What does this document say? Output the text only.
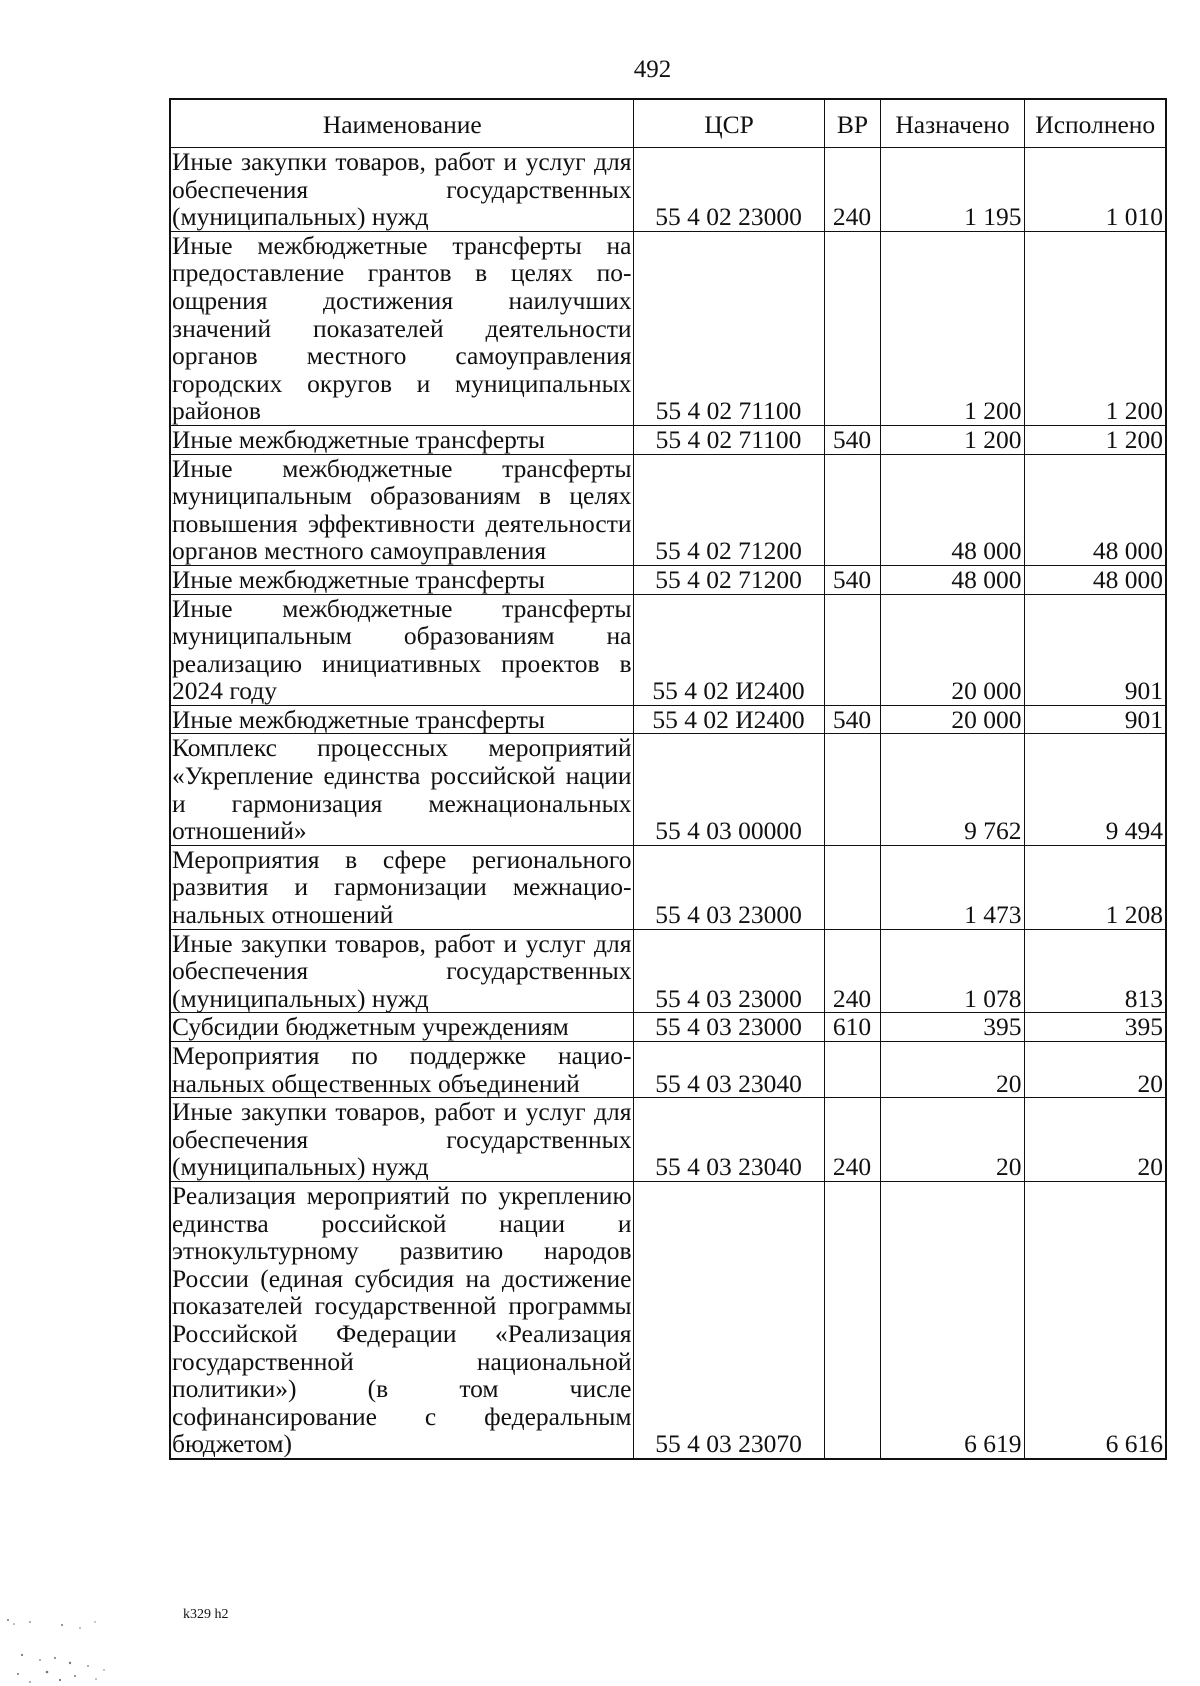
492
Наименование	ЦСР	ВР	Назначено	Исполнено
Иные закупки товаров, работ и услуг для обеспечения государственных (муниципальных) нужд	55 4 02 23000	240	1 195	1 010
Иные межбюджетные трансферты на предоставление грантов в целях поощрения достижения наилучших значений показателей деятельности органов местного самоуправления городских округов и муниципальных районов	55 4 02 71100		1 200	1 200
Иные межбюджетные трансферты	55 4 02 71100	540	1 200	1 200
Иные межбюджетные трансферты муниципальным образованиям в целях повышения эффективности деятельности органов местного самоуправления	55 4 02 71200		48 000	48 000
Иные межбюджетные трансферты	55 4 02 71200	540	48 000	48 000
Иные межбюджетные трансферты муниципальным образованиям на реализацию инициативных проектов в 2024 году	55 4 02 И2400		20 000	901
Иные межбюджетные трансферты	55 4 02 И2400	540	20 000	901
Комплекс процессных мероприятий «Укрепление единства российской нации и гармонизация межнациональных отношений»	55 4 03 00000		9 762	9 494
Мероприятия в сфере регионального развития и гармонизации межнациональных отношений	55 4 03 23000		1 473	1 208
Иные закупки товаров, работ и услуг для обеспечения государственных (муниципальных) нужд	55 4 03 23000	240	1 078	813
Субсидии бюджетным учреждениям	55 4 03 23000	610	395	395
Мероприятия по поддержке национальных общественных объединений	55 4 03 23040		20	20
Иные закупки товаров, работ и услуг для обеспечения государственных (муниципальных) нужд	55 4 03 23040	240	20	20
Реализация мероприятий по укреплению единства российской нации и этнокультурному развитию народов России (единая субсидия на достижение показателей государственной программы Российской Федерации «Реализация государственной национальной политики») (в том числе софинансирование с федеральным бюджетом)	55 4 03 23070		6 619	6 616
k329 h2
